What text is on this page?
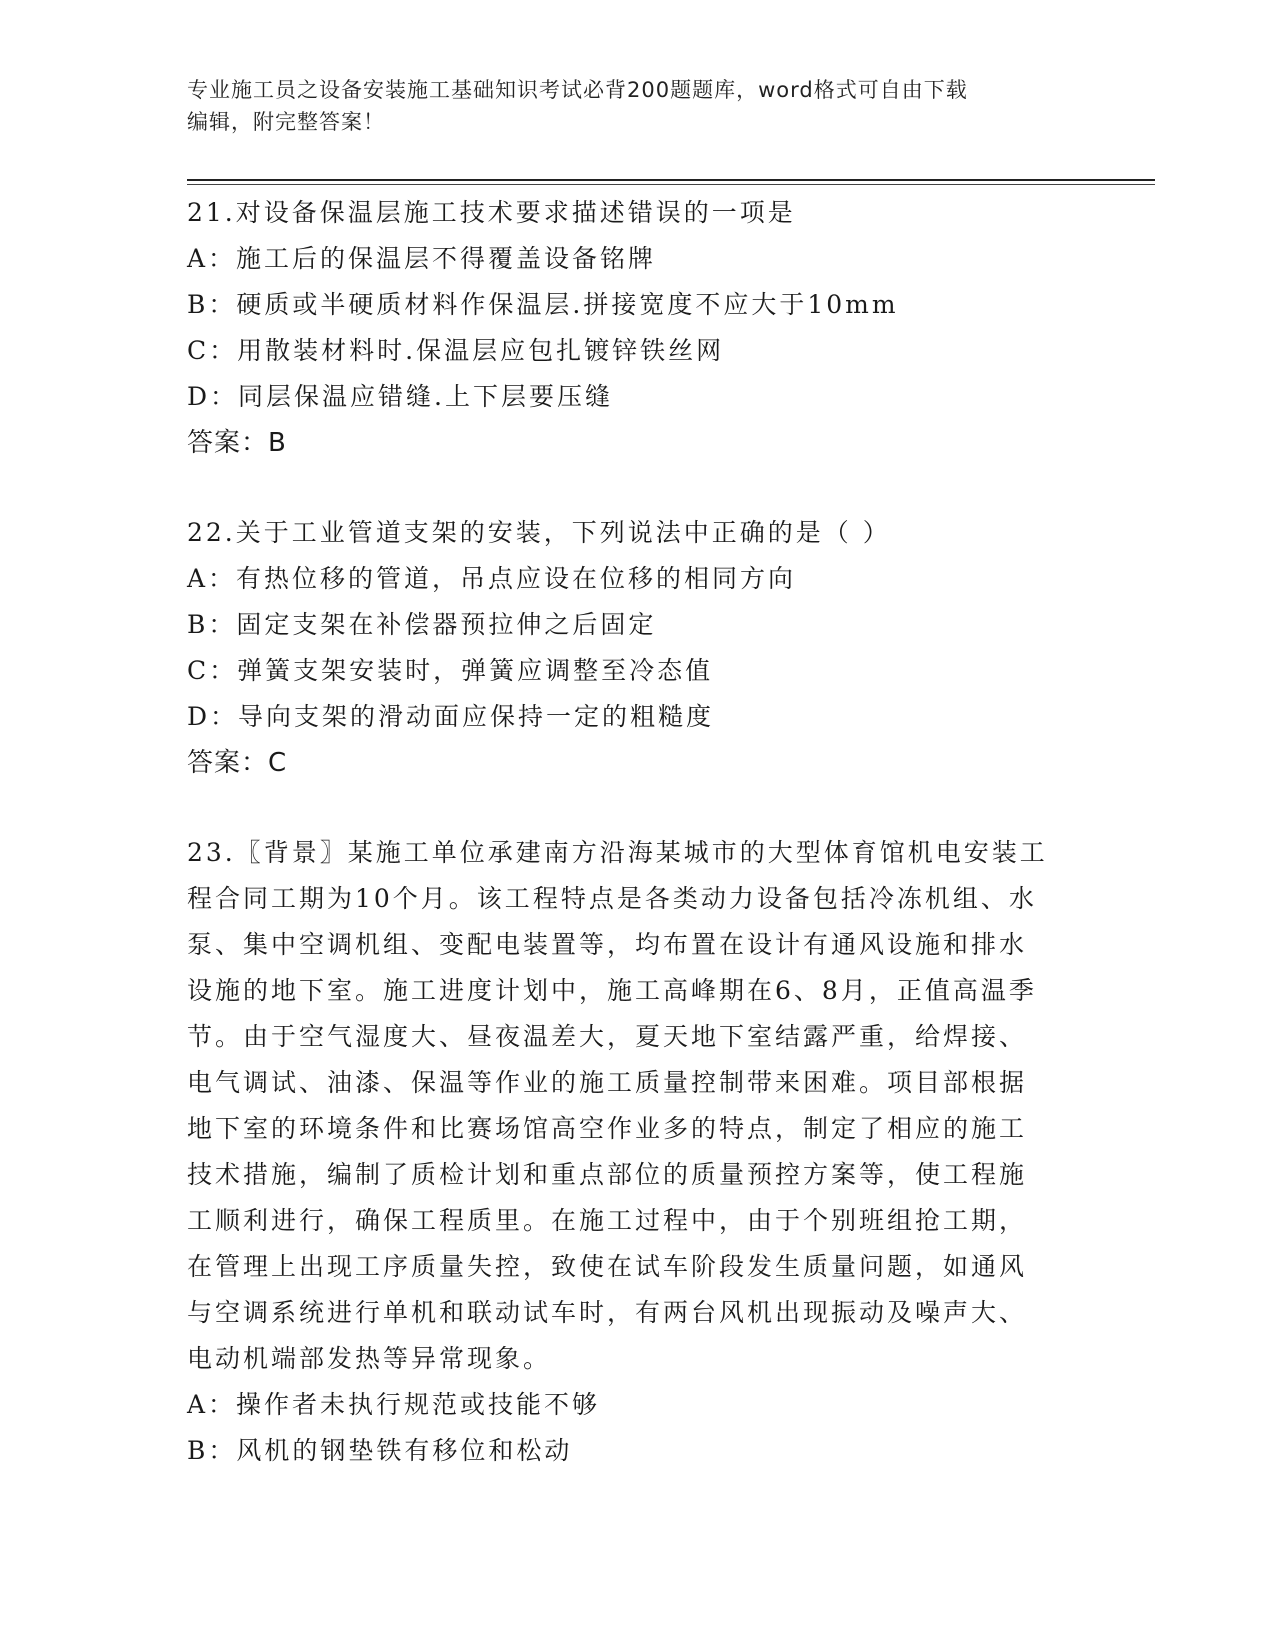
专业施工员之设备安装施工基础知识考试必背200题题库，word格式可自由下载
编辑，附完整答案！
21.对设备保温层施工技术要求描述错误的一项是
A：施工后的保温层不得覆盖设备铭牌
B：硬质或半硬质材料作保温层.拼接宽度不应大于10mm
C：用散装材料时.保温层应包扎镀锌铁丝网
D：同层保温应错缝.上下层要压缝
答案：B
22.关于工业管道支架的安装，下列说法中正确的是（ ）
A：有热位移的管道，吊点应设在位移的相同方向
B：固定支架在补偿器预拉伸之后固定
C：弹簧支架安装时，弹簧应调整至冷态值
D：导向支架的滑动面应保持一定的粗糙度
答案：C
23.〖背景〗某施工单位承建南方沿海某城市的大型体育馆机电安装工
程合同工期为10个月。该工程特点是各类动力设备包括冷冻机组、水
泵、集中空调机组、变配电装置等，均布置在设计有通风设施和排水
设施的地下室。施工进度计划中，施工高峰期在6、8月，正值高温季
节。由于空气湿度大、昼夜温差大，夏天地下室结露严重，给焊接、
电气调试、油漆、保温等作业的施工质量控制带来困难。项目部根据
地下室的环境条件和比赛场馆高空作业多的特点，制定了相应的施工
技术措施，编制了质检计划和重点部位的质量预控方案等，使工程施
工顺利进行，确保工程质里。在施工过程中，由于个别班组抢工期，
在管理上出现工序质量失控，致使在试车阶段发生质量问题，如通风
与空调系统进行单机和联动试车时，有两台风机出现振动及噪声大、
电动机端部发热等异常现象。
A：操作者未执行规范或技能不够
B：风机的钢垫铁有移位和松动
